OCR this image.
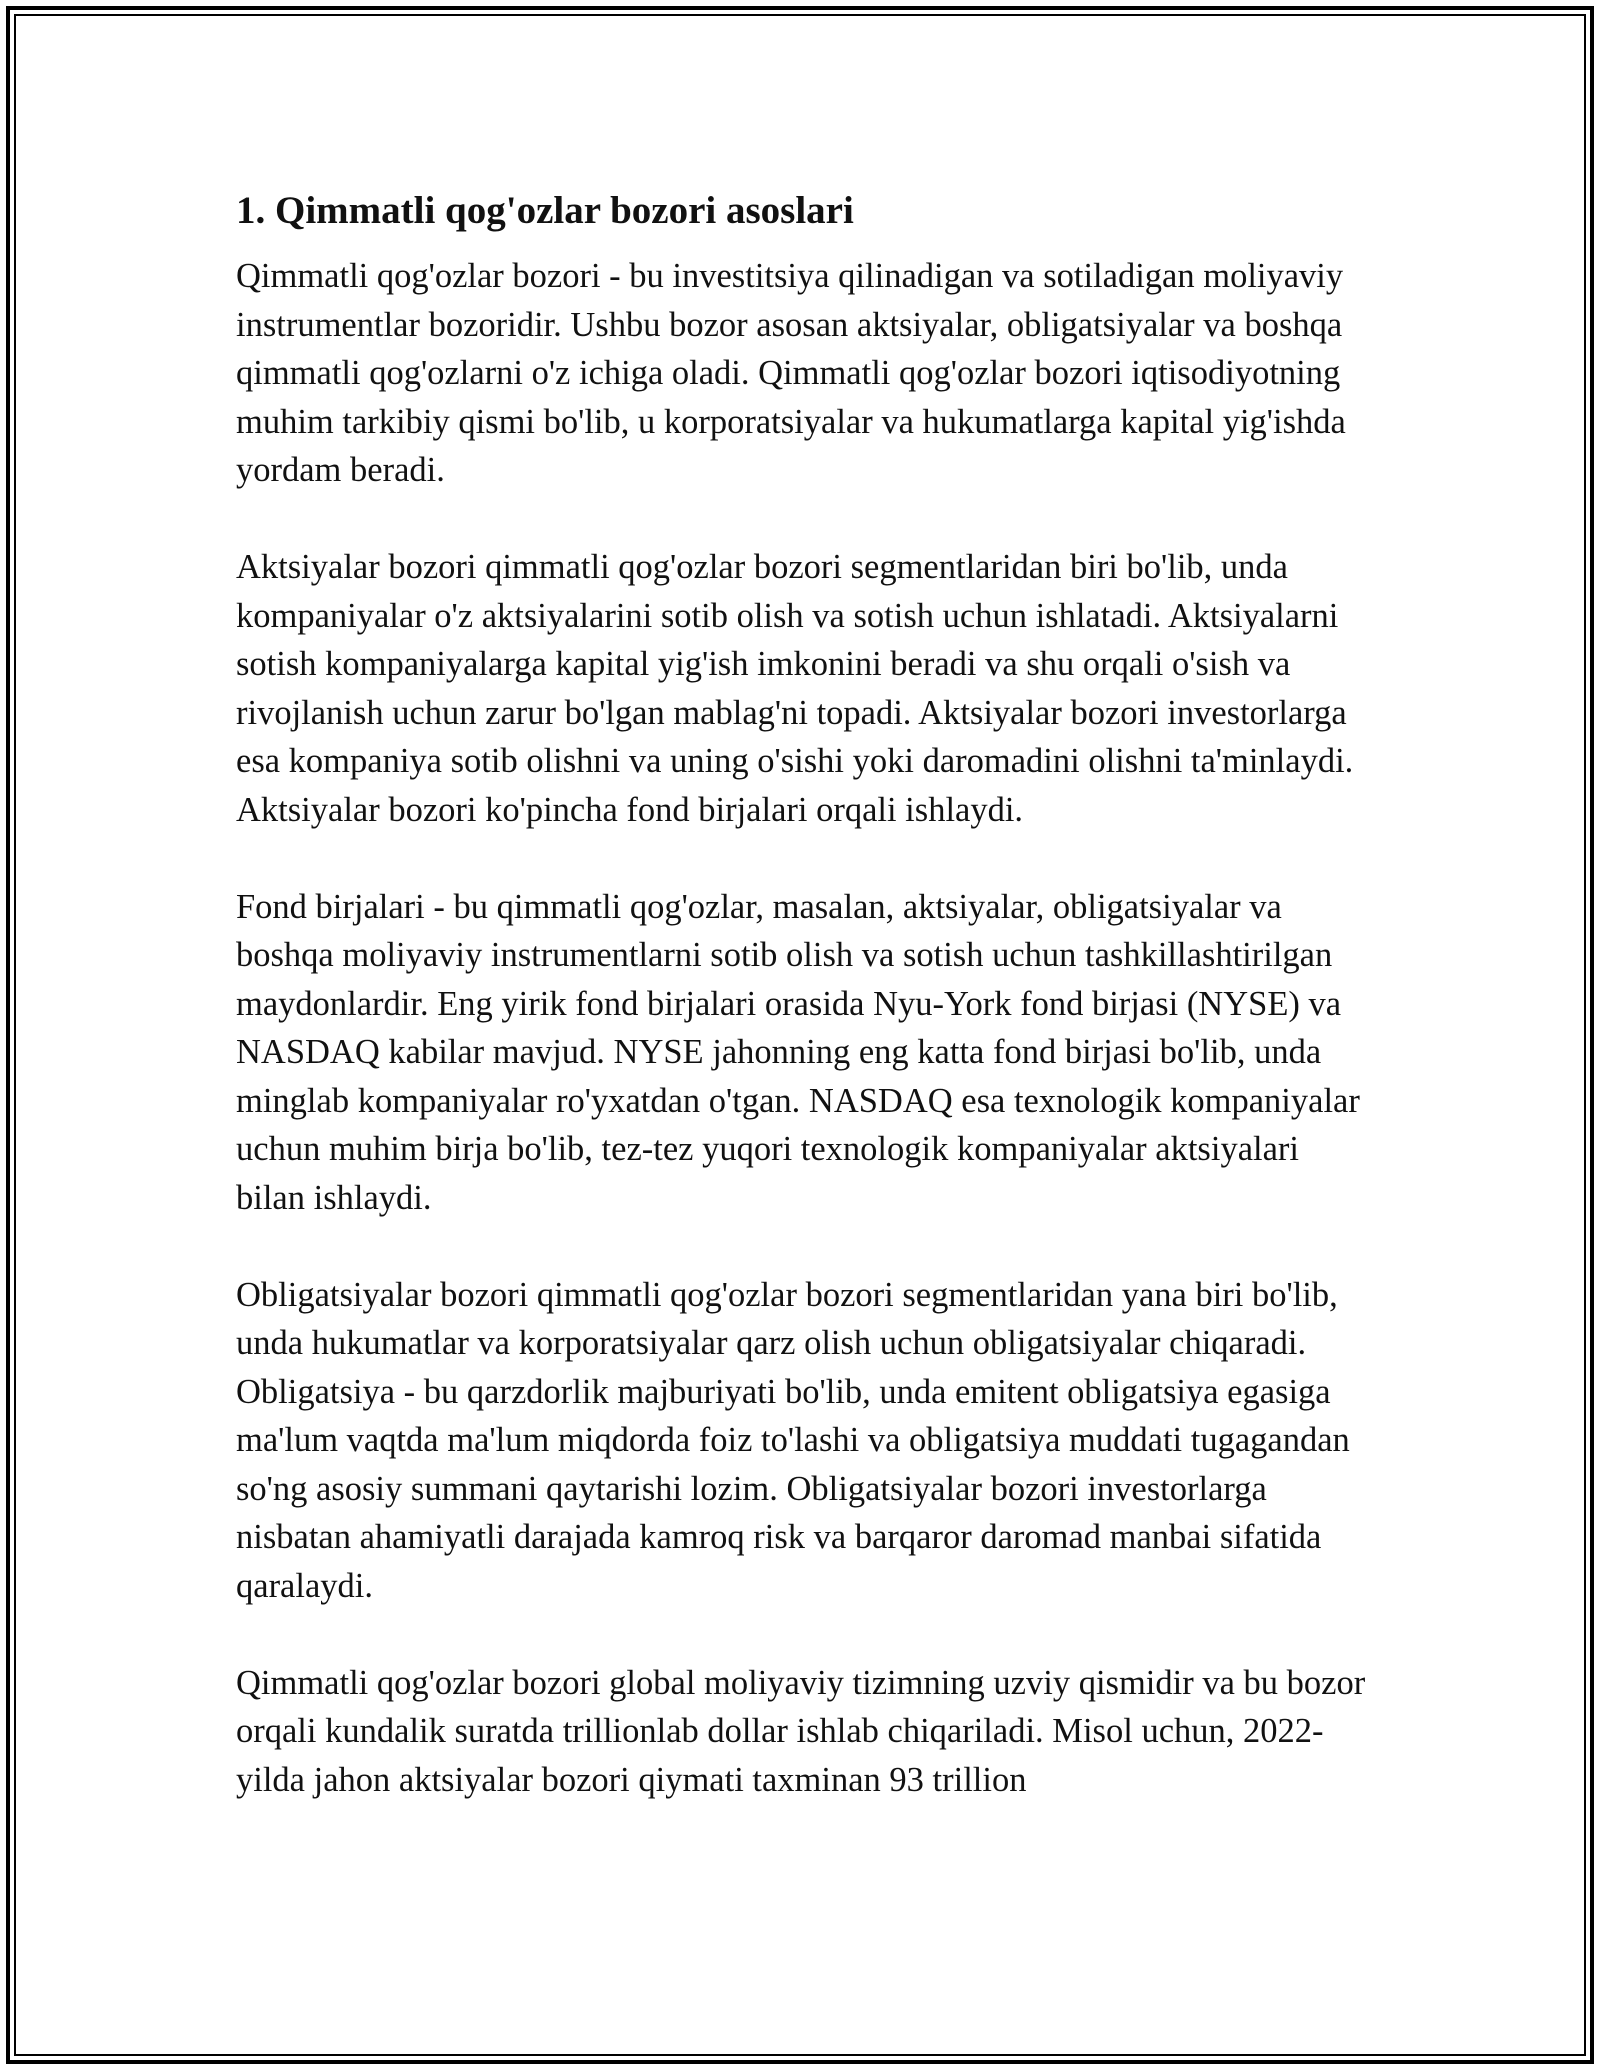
1. Qimmatli qog'ozlar bozori asoslari

Qimmatli qog'ozlar bozori - bu investitsiya qilinadigan va sotiladigan moliyaviy instrumentlar bozoridir. Ushbu bozor asosan aktsiyalar, obligatsiyalar va boshqa qimmatli qog'ozlarni o'z ichiga oladi. Qimmatli qog'ozlar bozori iqtisodiyotning muhim tarkibiy qismi bo'lib, u korporatsiyalar va hukumatlarga kapital yig'ishda yordam beradi.

Aktsiyalar bozori qimmatli qog'ozlar bozori segmentlaridan biri bo'lib, unda kompaniyalar o'z aktsiyalarini sotib olish va sotish uchun ishlatadi. Aktsiyalarni sotish kompaniyalarga kapital yig'ish imkonini beradi va shu orqali o'sish va rivojlanish uchun zarur bo'lgan mablag'ni topadi. Aktsiyalar bozori investorlarga esa kompaniya sotib olishni va uning o'sishi yoki daromadini olishni ta'minlaydi. Aktsiyalar bozori ko'pincha fond birjalari orqali ishlaydi.

Fond birjalari - bu qimmatli qog'ozlar, masalan, aktsiyalar, obligatsiyalar va boshqa moliyaviy instrumentlarni sotib olish va sotish uchun tashkillashtirilgan maydonlardir. Eng yirik fond birjalari orasida Nyu-York fond birjasi (NYSE) va NASDAQ kabilar mavjud. NYSE jahonning eng katta fond birjasi bo'lib, unda minglab kompaniyalar ro'yxatdan o'tgan. NASDAQ esa texnologik kompaniyalar uchun muhim birja bo'lib, tez-tez yuqori texnologik kompaniyalar aktsiyalari bilan ishlaydi.

Obligatsiyalar bozori qimmatli qog'ozlar bozori segmentlaridan yana biri bo'lib, unda hukumatlar va korporatsiyalar qarz olish uchun obligatsiyalar chiqaradi. Obligatsiya - bu qarzdorlik majburiyati bo'lib, unda emitent obligatsiya egasiga ma'lum vaqtda ma'lum miqdorda foiz to'lashi va obligatsiya muddati tugagandan so'ng asosiy summani qaytarishi lozim. Obligatsiyalar bozori investorlarga nisbatan ahamiyatli darajada kamroq risk va barqaror daromad manbai sifatida qaralaydi.

Qimmatli qog'ozlar bozori global moliyaviy tizimning uzviy qismidir va bu bozor orqali kundalik suratda trillionlab dollar ishlab chiqariladi. Misol uchun, 2022-yilda jahon aktsiyalar bozori qiymati taxminan 93 trillion
